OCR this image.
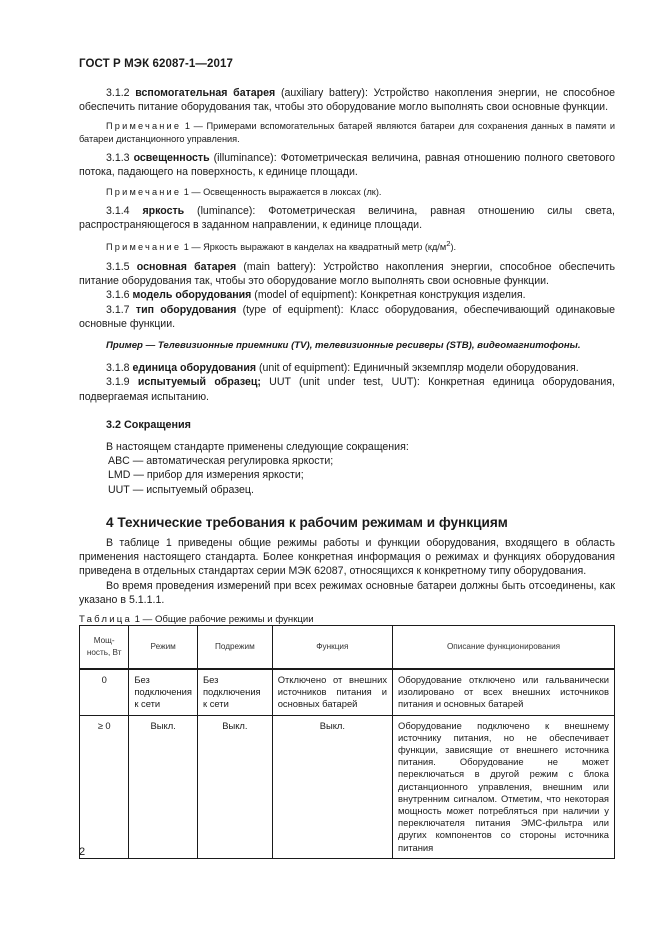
ГОСТ Р МЭК 62087-1—2017

3.1.2 вспомогательная батарея (auxiliary battery): Устройство накопления энергии, не способное обеспечить питание оборудования так, чтобы это оборудование могло выполнять свои основные функции.

Примечание 1 — Примерами вспомогательных батарей являются батареи для сохранения данных в памяти и батареи дистанционного управления.

3.1.3 освещенность (illuminance): Фотометрическая величина, равная отношению полного светового потока, падающего на поверхность, к единице площади.

Примечание 1 — Освещенность выражается в люксах (лк).

3.1.4 яркость (luminance): Фотометрическая величина, равная отношению силы света, распространяющегося в заданном направлении, к единице площади.

Примечание 1 — Яркость выражают в канделах на квадратный метр $(кд/м^2)$.

3.1.5 основная батарея (main battery): Устройство накопления энергии, способное обеспечить питание оборудования так, чтобы это оборудование могло выполнять свои основные функции.

3.1.6 модель оборудования (model of equipment): Конкретная конструкция изделия.

3.1.7 тип оборудования (type of equipment): Класс оборудования, обеспечивающий одинаковые основные функции.

Пример — Телевизионные приемники (TV), телевизионные ресиверы (STB), видеомагнитофоны.

3.1.8 единица оборудования (unit of equipment): Единичный экземпляр модели оборудования.

3.1.9 испытуемый образец; UUT (unit under test, UUT): Конкретная единица оборудования, подвергаемая испытанию.

3.2 Сокращения
В настоящем стандарте применены следующие сокращения:
ABC — автоматическая регулировка яркости;
LMD — прибор для измерения яркости;
UUT — испытуемый образец.
4 Технические требования к рабочим режимам и функциям

В таблице 1 приведены общие режимы работы и функции оборудования, входящего в область применения настоящего стандарта. Более конкретная информация о режимах и функциях оборудования приведена в отдельных стандартах серии МЭК 62087, относящихся к конкретному типу оборудования.

Во время проведения измерений при всех режимах основные батареи должны быть отсоединены, как указано в 5.1.1.1.

Таблица 1 — Общие рабочие режимы и функции
Мощ-ность, Вт	Режим	Подрежим	Функция	Описание функционирования
0	Без подключения к сети	Без подключения к сети	Отключено от внешних источников питания и основных батарей	Оборудование отключено или гальванически изолировано от всех внешних источников питания и основных батарей
≥ 0	Выкл.	Выкл.	Выкл.	Оборудование подключено к внешнему источнику питания, но не обеспечивает функции, зависящие от внешнего источника питания. Оборудование не может переключаться в другой режим с блока дистанционного управления, внешним или внутренним сигналом. Отметим, что некоторая мощность может потребляться при наличии у переключателя питания ЭМС-фильтра или других компонентов со стороны источника питания
2
